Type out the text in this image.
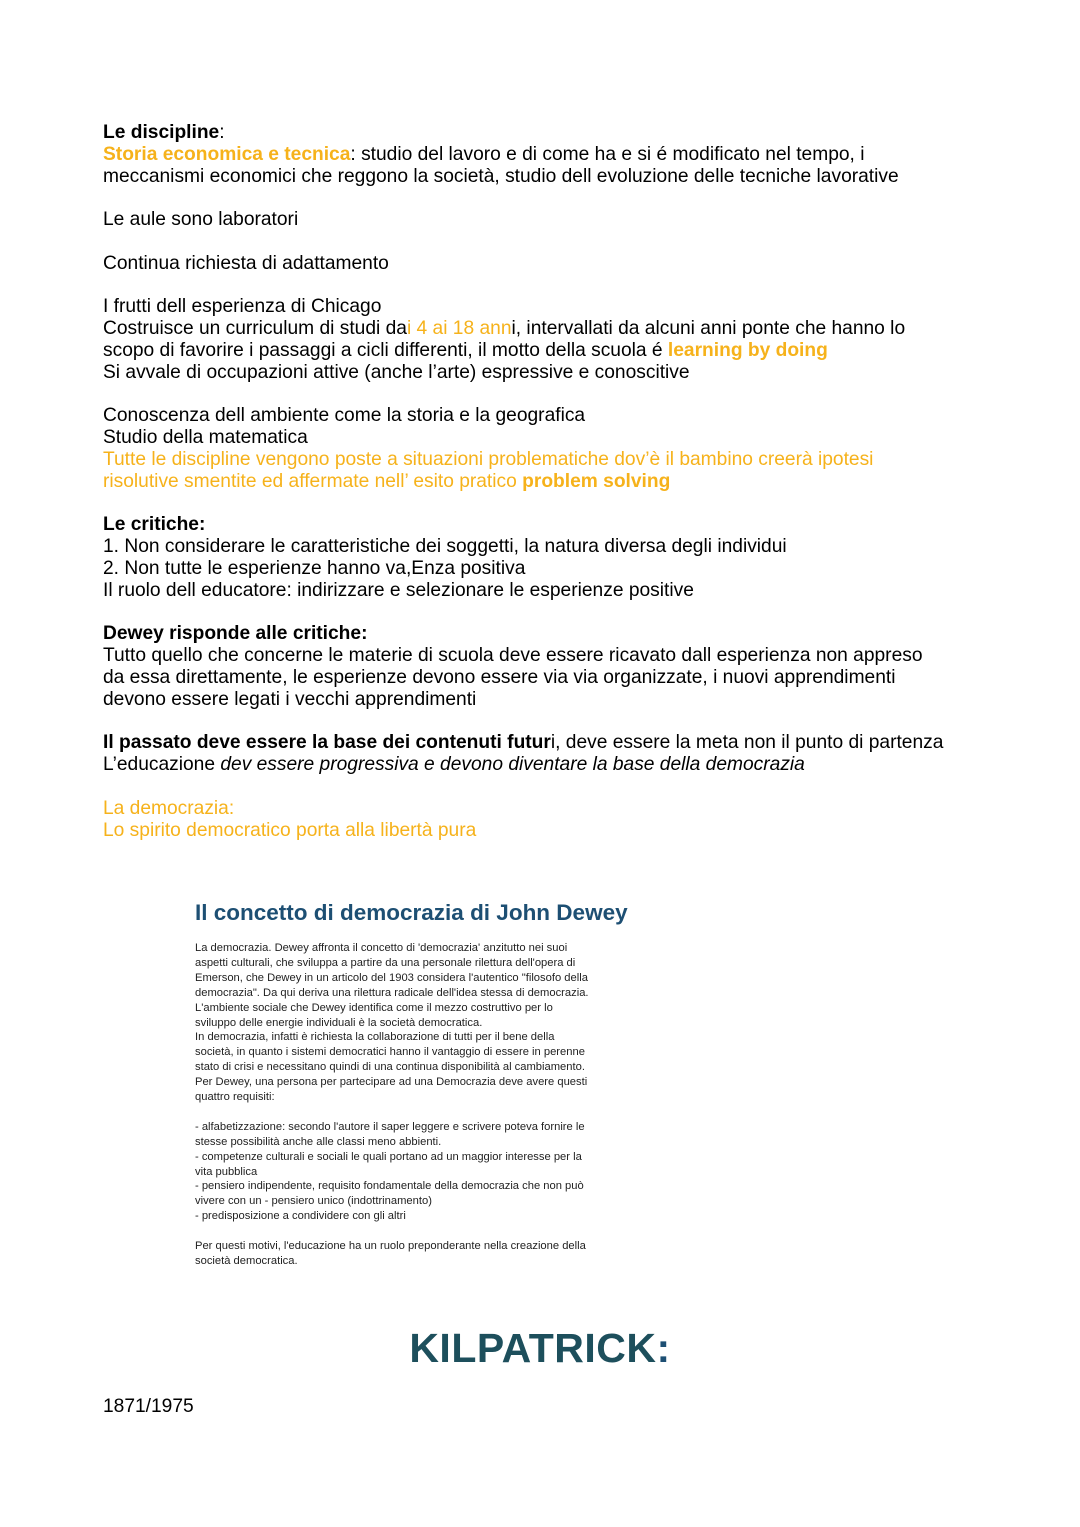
Le discipline:

Storia economica e tecnica: studio del lavoro e di come ha e si é modificato nel tempo, i

meccanismi economici che reggono la società, studio dell evoluzione delle tecniche lavorative

Le aule sono laboratori

Continua richiesta di adattamento

I frutti dell esperienza di Chicago

Costruisce un curriculum di studi dai 4 ai 18 anni, intervallati da alcuni anni ponte che hanno lo

scopo di favorire i passaggi a cicli differenti, il motto della scuola é learning by doing

Si avvale di occupazioni attive (anche l’arte) espressive e conoscitive

Conoscenza dell ambiente come la storia e la geografica

Studio della matematica

Tutte le discipline vengono poste a situazioni problematiche dov’è il bambino creerà ipotesi

risolutive smentite ed affermate nell’ esito pratico problem solving

Le critiche:

1. Non considerare le caratteristiche dei soggetti, la natura diversa degli individui

2. Non tutte le esperienze hanno va,Enza positiva

Il ruolo dell educatore: indirizzare e selezionare le esperienze positive

Dewey risponde alle critiche:

Tutto quello che concerne le materie di scuola deve essere ricavato dall esperienza non appreso

da essa direttamente, le esperienze devono essere via via organizzate, i nuovi apprendimenti

devono essere legati i vecchi apprendimenti

Il passato deve essere la base dei contenuti futuri, deve essere la meta non il punto di partenza

L’educazione dev essere progressiva e devono diventare la base della democrazia

La democrazia:

Lo spirito democratico porta alla libertà pura

Il concetto di democrazia di John Dewey

La democrazia. Dewey affronta il concetto di 'democrazia' anzitutto nei suoi

aspetti culturali, che sviluppa a partire da una personale rilettura dell'opera di

Emerson, che Dewey in un articolo del 1903 considera l'autentico "filosofo della

democrazia". Da qui deriva una rilettura radicale dell'idea stessa di democrazia.

L'ambiente sociale che Dewey identifica come il mezzo costruttivo per lo

sviluppo delle energie individuali è la società democratica.

In democrazia, infatti è richiesta la collaborazione di tutti per il bene della

società, in quanto i sistemi democratici hanno il vantaggio di essere in perenne

stato di crisi e necessitano quindi di una continua disponibilità al cambiamento.

Per Dewey, una persona per partecipare ad una Democrazia deve avere questi

quattro requisiti:

- alfabetizzazione: secondo l'autore il saper leggere e scrivere poteva fornire le

stesse possibilità anche alle classi meno abbienti.

- competenze culturali e sociali le quali portano ad un maggior interesse per la

vita pubblica

- pensiero indipendente, requisito fondamentale della democrazia che non può

vivere con un - pensiero unico (indottrinamento)

- predisposizione a condividere con gli altri

Per questi motivi, l'educazione ha un ruolo preponderante nella creazione della

società democratica.

KILPATRICK:
1871/1975
